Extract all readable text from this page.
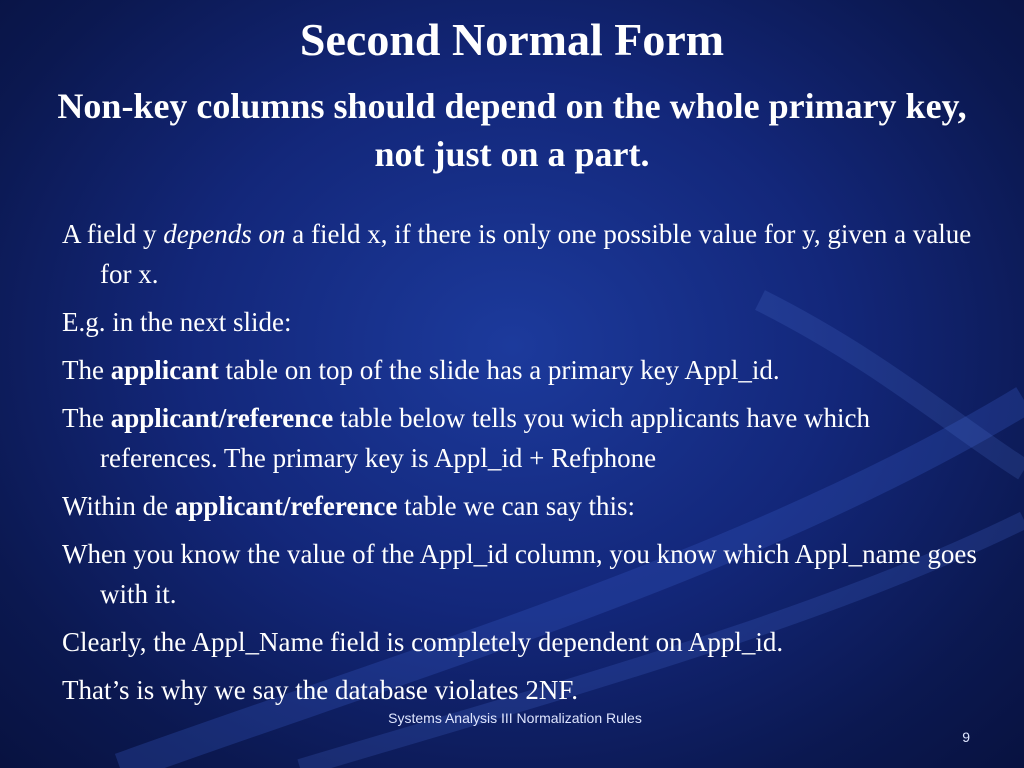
Second Normal Form
Non-key columns should depend on the whole primary key, not just on a part.
A field y depends on a field x, if there is only one possible value for y, given a value for x.
E.g. in the next slide:
The applicant table on top of the slide has a primary key Appl_id.
The applicant/reference table below tells you wich applicants have which references. The primary key is Appl_id + Refphone
Within de applicant/reference table we can say this:
When you know the value of the Appl_id column, you know which Appl_name goes with it.
Clearly, the Appl_Name field is completely dependent on Appl_id.
That’s is why we say the database violates 2NF.
Systems Analysis III Normalization Rules
9
